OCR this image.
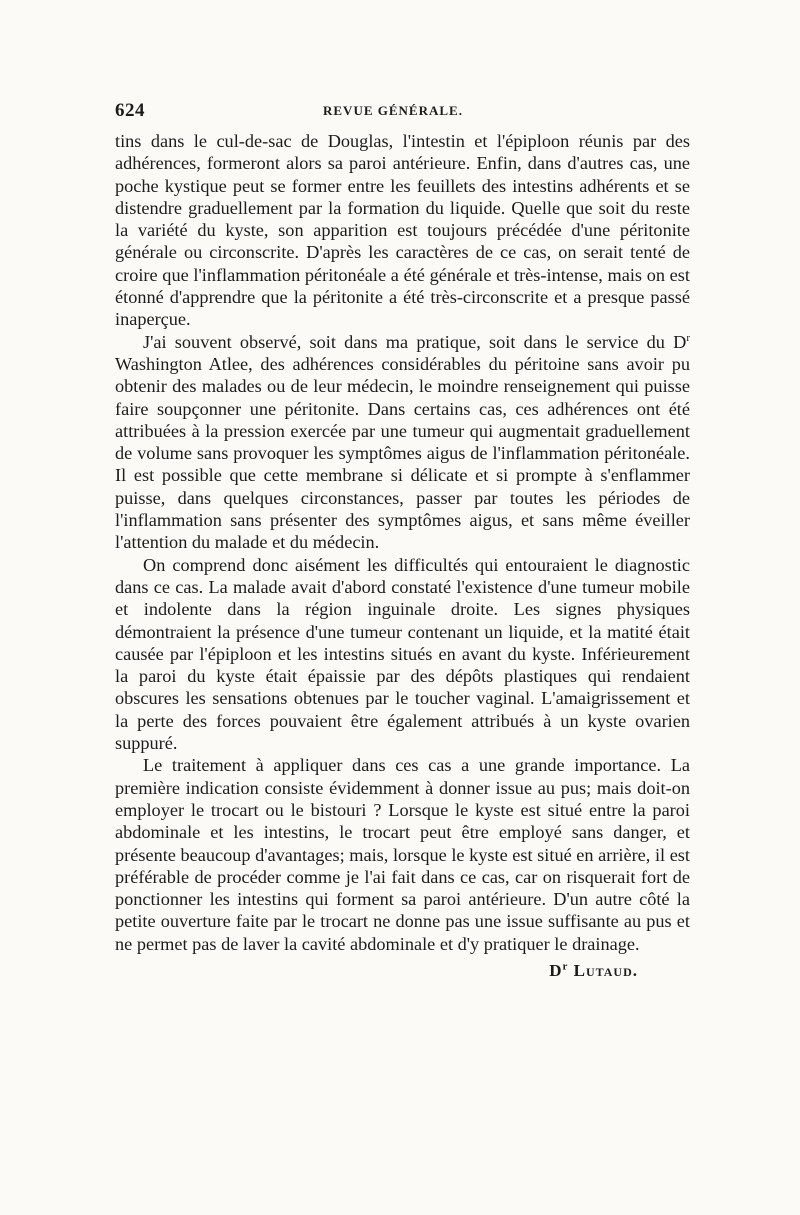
624	REVUE GÉNÉRALE.

tins dans le cul-de-sac de Douglas, l'intestin et l'épiploon réunis par des adhérences, formeront alors sa paroi antérieure. Enfin, dans d'autres cas, une poche kystique peut se former entre les feuillets des intestins adhérents et se distendre graduellement par la formation du liquide. Quelle que soit du reste la variété du kyste, son apparition est toujours précédée d'une péritonite générale ou circonscrite. D'après les caractères de ce cas, on serait tenté de croire que l'inflammation péritonéale a été générale et très-intense, mais on est étonné d'apprendre que la péritonite a été très-circonscrite et a presque passé inaperçue.

J'ai souvent observé, soit dans ma pratique, soit dans le service du $D^r$ Washington Atlee, des adhérences considérables du péritoine sans avoir pu obtenir des malades ou de leur médecin, le moindre renseignement qui puisse faire soupçonner une péritonite. Dans certains cas, ces adhérences ont été attribuées à la pression exercée par une tumeur qui augmentait graduellement de volume sans provoquer les symptômes aigus de l'inflammation péritonéale. Il est possible que cette membrane si délicate et si prompte à s'enflammer puisse, dans quelques circonstances, passer par toutes les périodes de l'inflammation sans présenter des symptômes aigus, et sans même éveiller l'attention du malade et du médecin.

On comprend donc aisément les difficultés qui entouraient le diagnostic dans ce cas. La malade avait d'abord constaté l'existence d'une tumeur mobile et indolente dans la région inguinale droite. Les signes physiques démontraient la présence d'une tumeur contenant un liquide, et la matité était causée par l'épiploon et les intestins situés en avant du kyste. Inférieurement la paroi du kyste était épaissie par des dépôts plastiques qui rendaient obscures les sensations obtenues par le toucher vaginal. L'amaigrissement et la perte des forces pouvaient être également attribués à un kyste ovarien suppuré.

Le traitement à appliquer dans ces cas a une grande importance. La première indication consiste évidemment à donner issue au pus; mais doit-on employer le trocart ou le bistouri ? Lorsque le kyste est situé entre la paroi abdominale et les intestins, le trocart peut être employé sans danger, et présente beaucoup d'avantages; mais, lorsque le kyste est situé en arrière, il est préférable de procéder comme je l'ai fait dans ce cas, car on risquerait fort de ponctionner les intestins qui forment sa paroi antérieure. D'un autre côté la petite ouverture faite par le trocart ne donne pas une issue suffisante au pus et ne permet pas de laver la cavité abdominale et d'y pratiquer le drainage.

$D^r$ Lutaud.
